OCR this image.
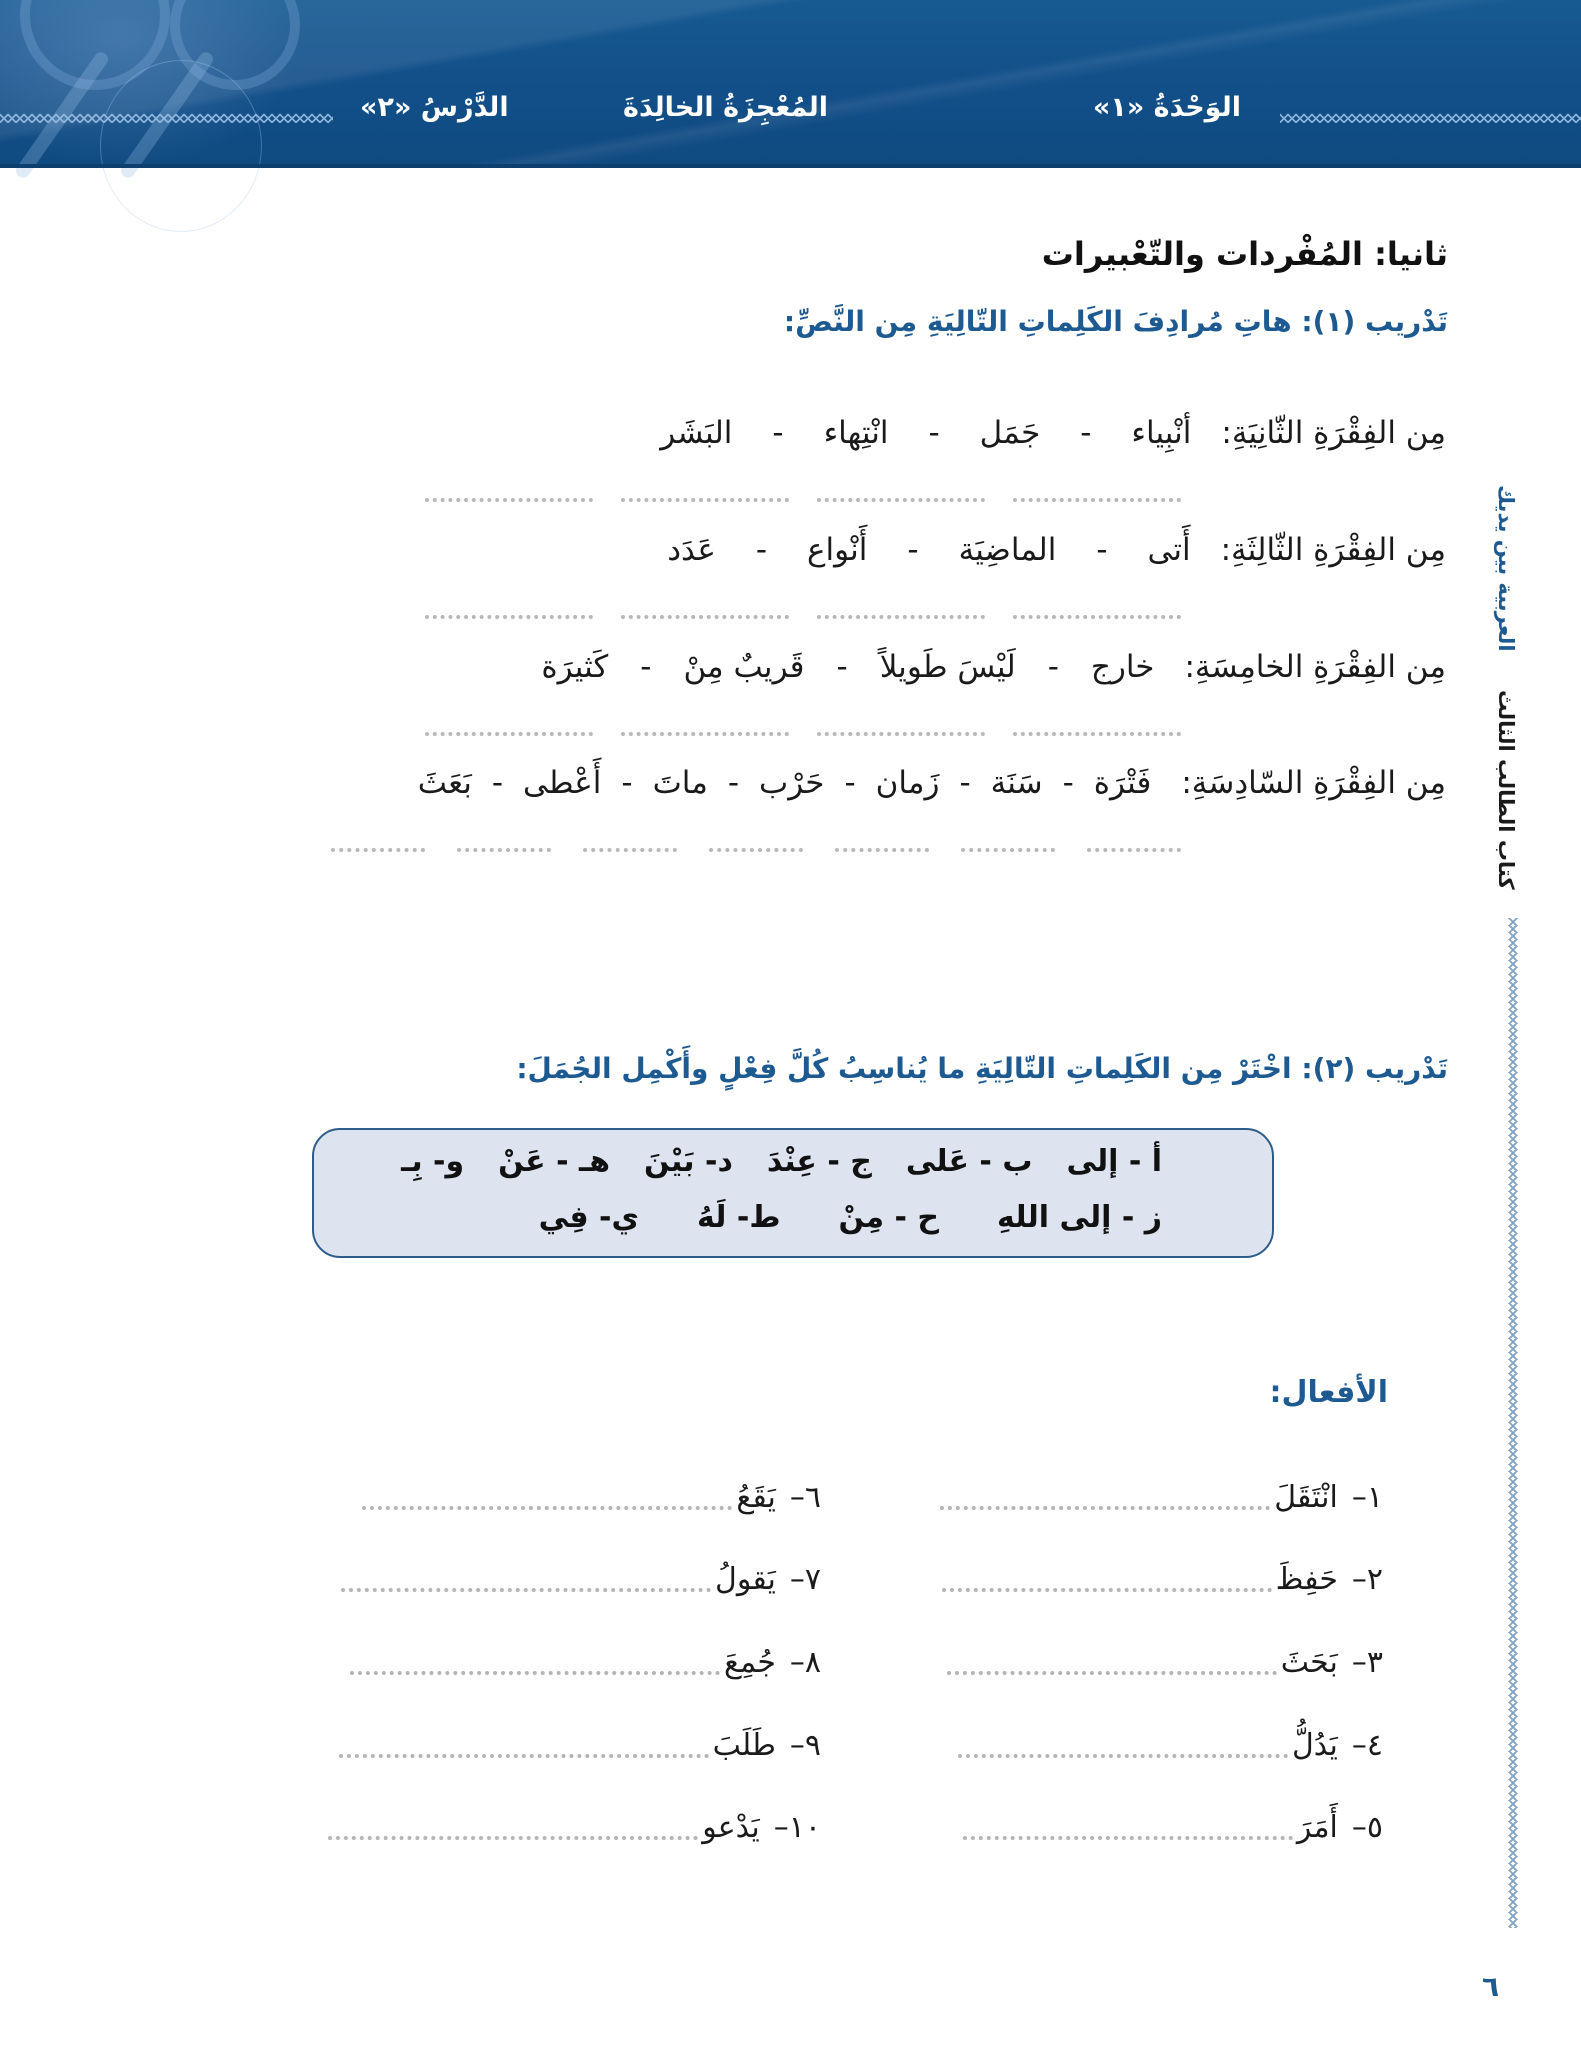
الوَحْدَةُ «١»
المُعْجِزَةُ الخالِدَةَ
الدَّرْسُ «٢»
العربية بين يديك
كتاب الطالب الثالث
٦
ثانيا: المُفْردات والتّعْبيرات
تَدْريب (١): هاتِ مُرادِفَ الكَلِماتِ التّالِيَةِ مِن النَّصِّ:
مِن الفِقْرَةِ الثّانِيَةِ:
أنْبِياء
-
جَمَل
-
انْتِهاء
-
البَشَر
مِن الفِقْرَةِ الثّالِثَةِ:
أَتى
-
الماضِيَة
-
أَنْواع
-
عَدَد
مِن الفِقْرَةِ الخامِسَةِ:
خارج
-
لَيْسَ طَويلاً
-
قَريبٌ مِنْ
-
كَثيرَة
مِن الفِقْرَةِ السّادِسَةِ:
فَتْرَة
-
سَنَة
-
زَمان
-
حَرْب
-
ماتَ
-
أَعْطى
-
بَعَثَ
تَدْريب (٢): اخْتَرْ مِن الكَلِماتِ التّالِيَةِ ما يُناسِبُ كُلَّ فِعْلٍ وأَكْمِل الجُمَلَ:
أ - إلى
ب - عَلى
ج - عِنْدَ
د- بَيْنَ
هـ - عَنْ
و- بِـ
ز - إلى اللهِ
ح - مِنْ
ط- لَهُ
ي- فِي
الأفعال:
١–
انْتَقَلَ
٢–
حَفِظَ
٣–
بَحَثَ
٤–
يَدُلُّ
٥–
أَمَرَ
٦–
يَقَعُ
٧–
يَقولُ
٨–
جُمِعَ
٩–
طَلَبَ
١٠–
يَدْعو
